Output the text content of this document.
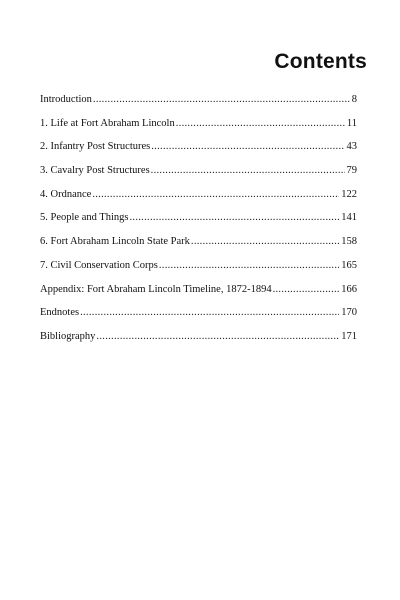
Contents
Introduction .....	8
1. Life at Fort Abraham Lincoln .....	11
2. Infantry Post Structures .....	43
3. Cavalry Post Structures .....	79
4. Ordnance .....	122
5. People and Things .....	141
6. Fort Abraham Lincoln State Park .....	158
7. Civil Conservation Corps .....	165
Appendix: Fort Abraham Lincoln Timeline, 1872-1894 .....	166
Endnotes .....	170
Bibliography .....	171
